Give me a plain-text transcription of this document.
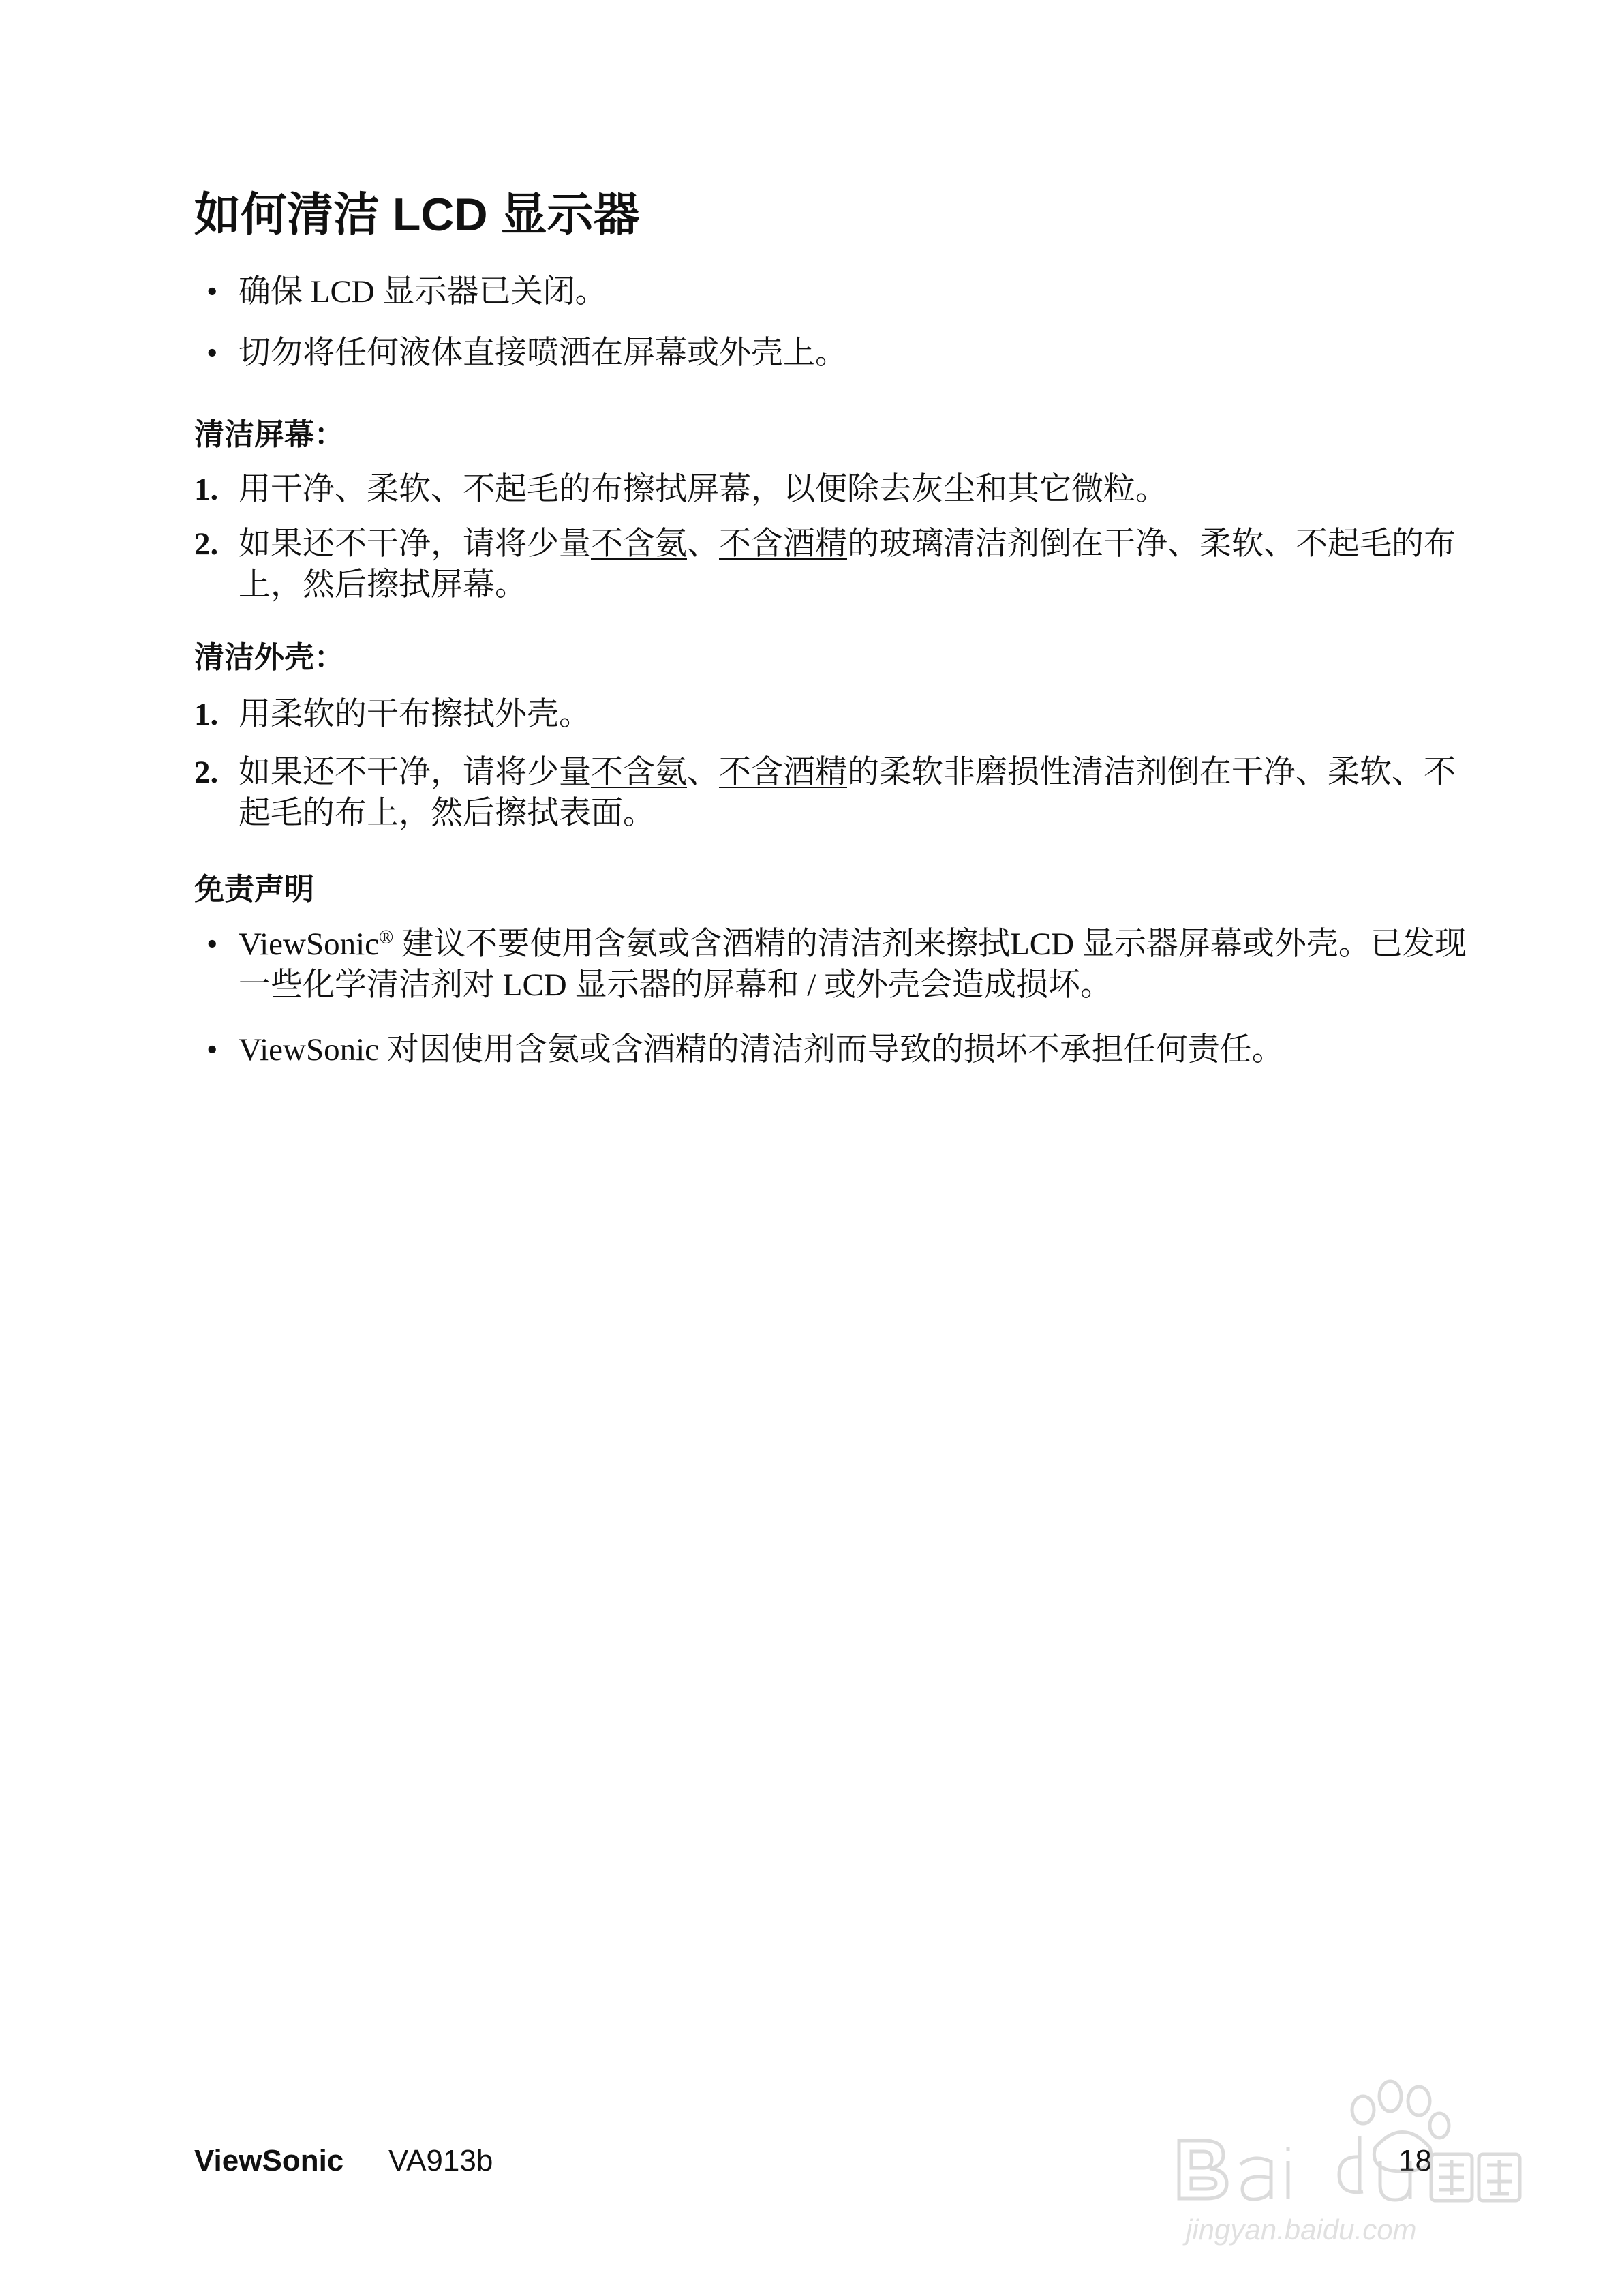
如何清洁 LCD 显示器
• 确保 LCD 显示器已关闭。
• 切勿将任何液体直接喷洒在屏幕或外壳上。
清洁屏幕：
1. 用干净、柔软、不起毛的布擦拭屏幕，以便除去灰尘和其它微粒。
2. 如果还不干净，请将少量不含氨、不含酒精的玻璃清洁剂倒在干净、柔软、不起毛的布上，然后擦拭屏幕。
清洁外壳：
1. 用柔软的干布擦拭外壳。
2. 如果还不干净，请将少量不含氨、不含酒精的柔软非磨损性清洁剂倒在干净、柔软、不起毛的布上，然后擦拭表面。
免责声明
• ViewSonic® 建议不要使用含氨或含酒精的清洁剂来擦拭LCD 显示器屏幕或外壳。已发现一些化学清洁剂对 LCD 显示器的屏幕和 / 或外壳会造成损坏。
• ViewSonic 对因使用含氨或含酒精的清洁剂而导致的损坏不承担任何责任。
ViewSonic VA913b	18
jingyan.baidu.com
